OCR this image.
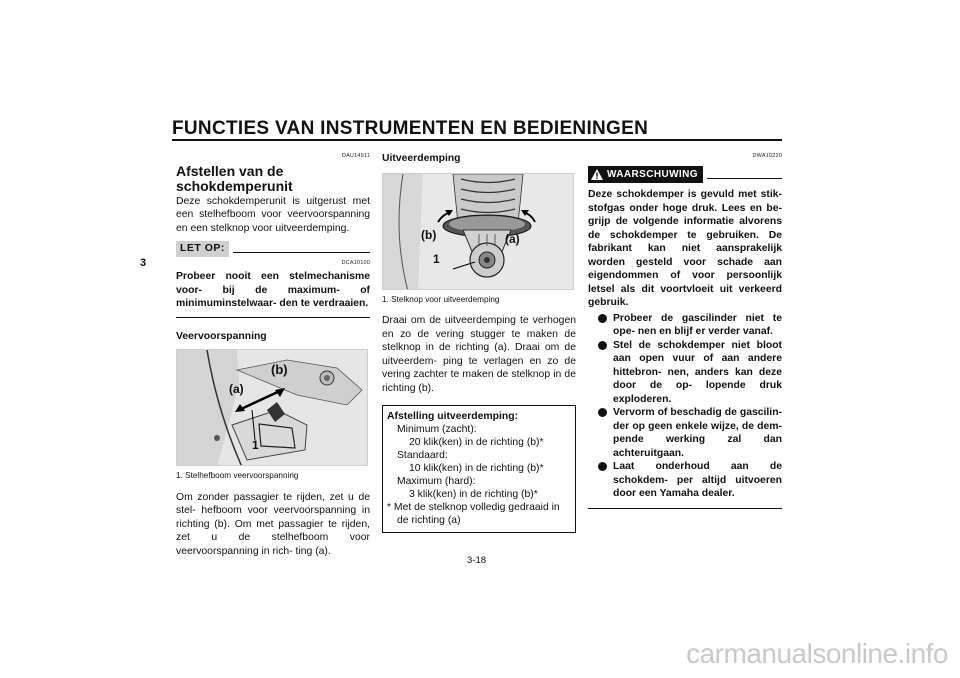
FUNCTIES VAN INSTRUMENTEN EN BEDIENINGEN
3
DAU14911
Afstellen van de schokdemperunit
Deze schokdemperunit is uitgerust met een stelhefboom voor veervoorspanning en een stelknop voor uitveerdemping.
LET OP:
DCA10100
Probeer nooit een stelmechanisme voor- bij de maximum- of minimuminstelwaar- den te verdraaien.
Veervoorspanning
(a)
(b)
1
1. Stelhefboom veervoorspanning
Om zonder passagier te rijden, zet u de stel- hefboom voor veervoorspanning in richting (b). Om met passagier te rijden, zet u de stelhefboom voor veervoorspanning in rich- ting (a).
Uitveerdemping
(b)	(a)
1
1. Stelknop voor uitveerdemping
Draai om de uitveerdemping te verhogen en zo de vering stugger te maken de stelknop in de richting (a). Draai om de uitveerdem- ping te verlagen en zo de vering zachter te maken de stelknop in de richting (b).
Afstelling uitveerdemping:
Minimum (zacht):
20 klik(ken) in de richting (b)*
Standaard:
10 klik(ken) in de richting (b)*
Maximum (hard):
3 klik(ken) in de richting (b)*
* Met de stelknop volledig gedraaid in
de richting (a)
DWA10220
WAARSCHUWING
Deze schokdemper is gevuld met stik- stofgas onder hoge druk. Lees en be- grijp de volgende informatie alvorens de schokdemper te gebruiken. De fabrikant kan niet aansprakelijk worden gesteld voor schade aan eigendommen of voor persoonlijk letsel als dit voortvloeit uit verkeerd gebruik.
Probeer de gascilinder niet te ope- nen en blijf er verder vanaf.
Stel de schokdemper niet bloot aan open vuur of aan andere hittebron- nen, anders kan deze door de op- lopende druk exploderen.
Vervorm of beschadig de gascilin- der op geen enkele wijze, de dem- pende werking zal dan achteruitgaan.
Laat onderhoud aan de schokdem- per altijd uitvoeren door een Yamaha dealer.
3-18
carmanualsonline.info
